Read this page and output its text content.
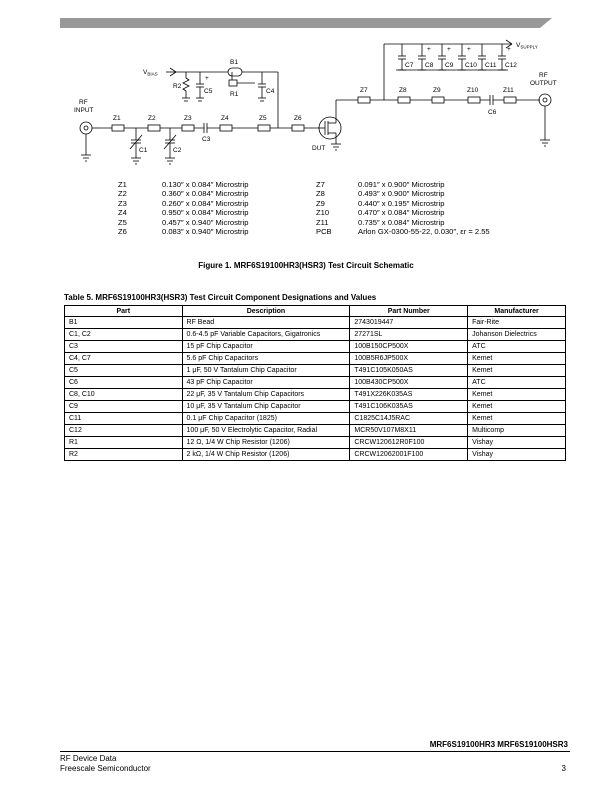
RF
INPUT
RF
OUTPUT
$V_{BIAS}$
$V_{SUPPLY}$
DUT
Z1	Z2	Z3	Z4	Z5	Z6
C3
C1	C2
B1
R2
C5	R1	C4
+
Z7	Z8	Z9	Z10	Z11
C6
C7 C8 C9 C10 C11 C12
+ + +	+
Z1	0.130″ x 0.084″ Microstrip
Z2	0.360″ x 0.084″ Microstrip
Z3	0.260″ x 0.084″ Microstrip
Z4	0.950″ x 0.084″ Microstrip
Z5	0.457″ x 0.940″ Microstrip
Z6	0.083″ x 0.940″ Microstrip
Z7	0.091″ x 0.900″ Microstrip
Z8	0.493″ x 0.900″ Microstrip
Z9	0.440″ x 0.195″ Microstrip
Z10	0.470″ x 0.084″ Microstrip
Z11	0.735″ x 0.084″ Microstrip
PCB	Arlon GX‑0300‑55‑22, 0.030″, εr = 2.55
Figure 1. MRF6S19100HR3(HSR3) Test Circuit Schematic
Table 5. MRF6S19100HR3(HSR3) Test Circuit Component Designations and Values
Part	Description	Part Number	Manufacturer
B1	RF Bead	2743019447	Fair‑Rite
C1, C2	0.6‑4.5 pF Variable Capacitors, Gigatronics	27271SL	Johanson Dielectrics
C3	15 pF Chip Capacitor	100B150CP500X	ATC
C4, C7	5.6 pF Chip Capacitors	100B5R6JP500X	Kemet
C5	1 μF, 50 V Tantalum Chip Capacitor	T491C105K050AS	Kemet
C6	43 pF Chip Capacitor	100B430CP500X	ATC
C8, C10	22 μF, 35 V Tantalum Chip Capacitors	T491X226K035AS	Kemet
C9	10 μF, 35 V Tantalum Chip Capacitor	T491C106K035AS	Kemet
C11	0.1 μF Chip Capacitor (1825)	C1825C14J5RAC	Kemet
C12	100 μF, 50 V Electrolytic Capacitor, Radial	MCR50V107M8X11	Multicomp
R1	12 Ω, 1/4 W Chip Resistor (1206)	CRCW120612R0F100	Vishay
R2	2 kΩ, 1/4 W Chip Resistor (1206)	CRCW12062001F100	Vishay
MRF6S19100HR3 MRF6S19100HSR3
RF Device Data
Freescale Semiconductor	3
